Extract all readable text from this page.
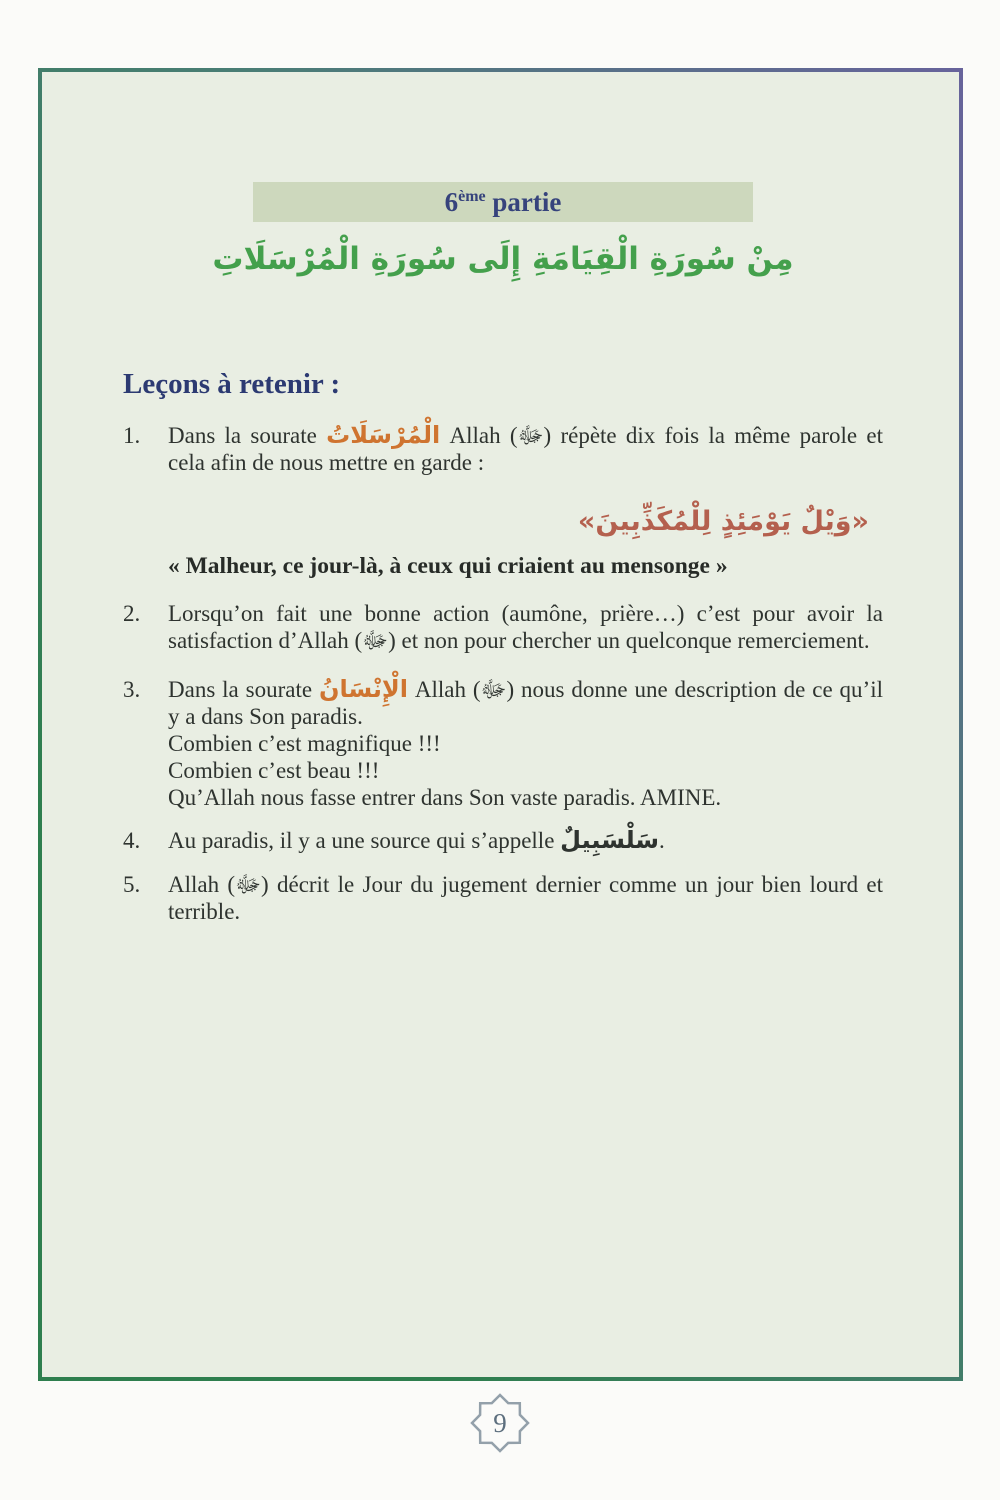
6ème partie
مِنْ سُورَةِ الْقِيَامَةِ إِلَى سُورَةِ الْمُرْسَلَاتِ
Leçons à retenir :
1. Dans la sourate الْمُرْسَلَاتُ Allah (ﷻ) répète dix fois la même parole et cela afin de nous mettre en garde :

«وَيْلٌ يَوْمَئِذٍ لِلْمُكَذِّبِينَ»
« Malheur, ce jour-là, à ceux qui criaient au mensonge »
2. Lorsqu’on fait une bonne action (aumône, prière…) c’est pour avoir la satisfaction d’Allah (ﷻ) et non pour chercher un quelconque remerciement.

3. Dans la sourate الْإِنْسَانُ Allah (ﷻ) nous donne une description de ce qu’il y a dans Son paradis.

Combien c’est magnifique !!!

Combien c’est beau !!!

Qu’Allah nous fasse entrer dans Son vaste paradis. AMINE.

4. Au paradis, il y a une source qui s’appelle سَلْسَبِيلٌ.

5. Allah (ﷻ) décrit le Jour du jugement dernier comme un jour bien lourd et terrible.

9
